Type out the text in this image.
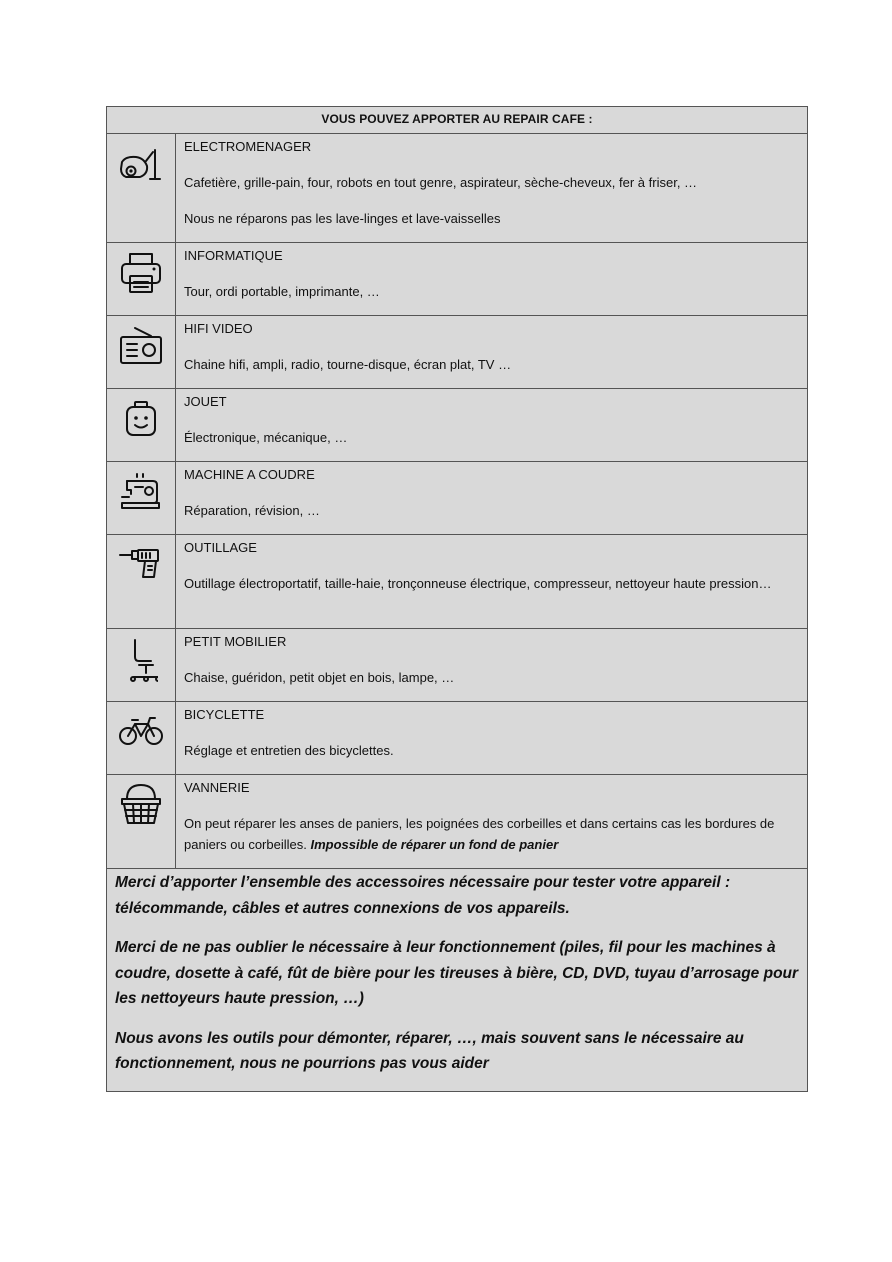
VOUS POUVEZ APPORTER AU REPAIR CAFE :

ELECTROMENAGER

Cafetière, grille-pain, four, robots en tout genre, aspirateur, sèche-cheveux, fer à friser, …

Nous ne réparons pas les lave-linges et lave-vaisselles

INFORMATIQUE

Tour, ordi portable, imprimante, …

HIFI VIDEO

Chaine hifi, ampli, radio, tourne-disque, écran plat, TV …

JOUET

Électronique, mécanique, …

MACHINE A COUDRE

Réparation, révision, …

OUTILLAGE

Outillage électroportatif, taille-haie, tronçonneuse électrique, compresseur, nettoyeur haute pression…

PETIT MOBILIER

Chaise, guéridon, petit objet en bois, lampe, …

BICYCLETTE

Réglage et entretien des bicyclettes.

VANNERIE

On peut réparer les anses de paniers, les poignées des corbeilles et dans certains cas les bordures de paniers ou corbeilles. Impossible de réparer un fond de panier

Merci d’apporter l’ensemble des accessoires nécessaire pour tester votre appareil : télécommande, câbles et autres connexions de vos appareils.

Merci de ne pas oublier le nécessaire à leur fonctionnement (piles, fil pour les machines à coudre, dosette à café, fût de bière pour les tireuses à bière, CD, DVD, tuyau d’arrosage pour les nettoyeurs haute pression, …)

Nous avons les outils pour démonter, réparer, …, mais souvent sans le nécessaire au fonctionnement, nous ne pourrions pas vous aider
